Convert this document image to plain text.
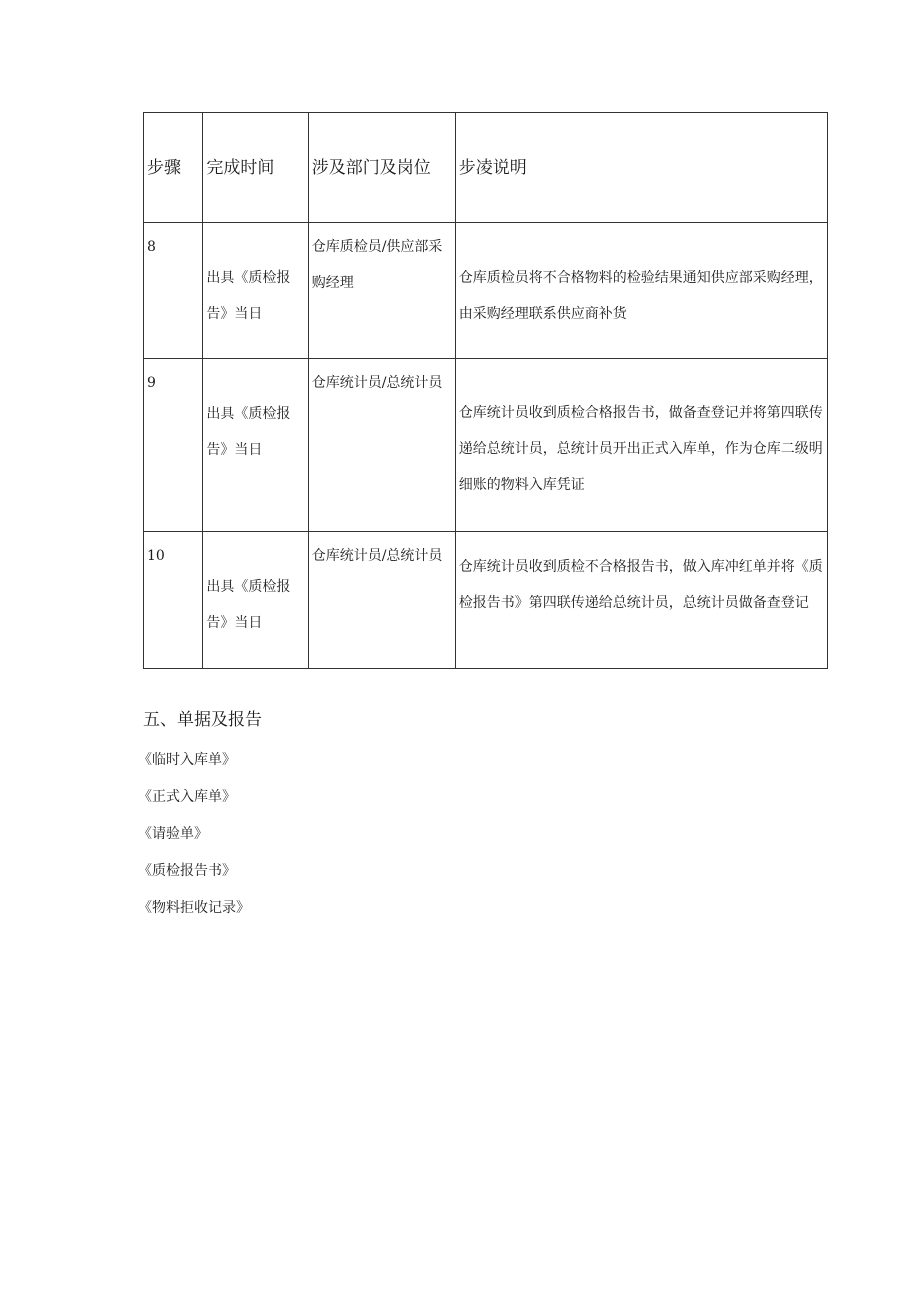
步骤	完成时间	涉及部门及岗位	步凌说明
8	出具《质检报告》当日	仓库质检员/供应部采购经理	仓库质检员将不合格物料的检验结果通知供应部采购经理，由采购经理联系供应商补货
9	出具《质检报告》当日	仓库统计员/总统计员	仓库统计员收到质检合格报告书，做备查登记并将第四联传递给总统计员，总统计员开出正式入库单，作为仓库二级明细账的物料入库凭证
10	出具《质检报告》当日	仓库统计员/总统计员	仓库统计员收到质检不合格报告书，做入库冲红单并将《质检报告书》第四联传递给总统计员，总统计员做备查登记
五、单据及报告
《临时入库单》
《正式入库单》
《请验单》
《质检报告书》
《物料拒收记录》
